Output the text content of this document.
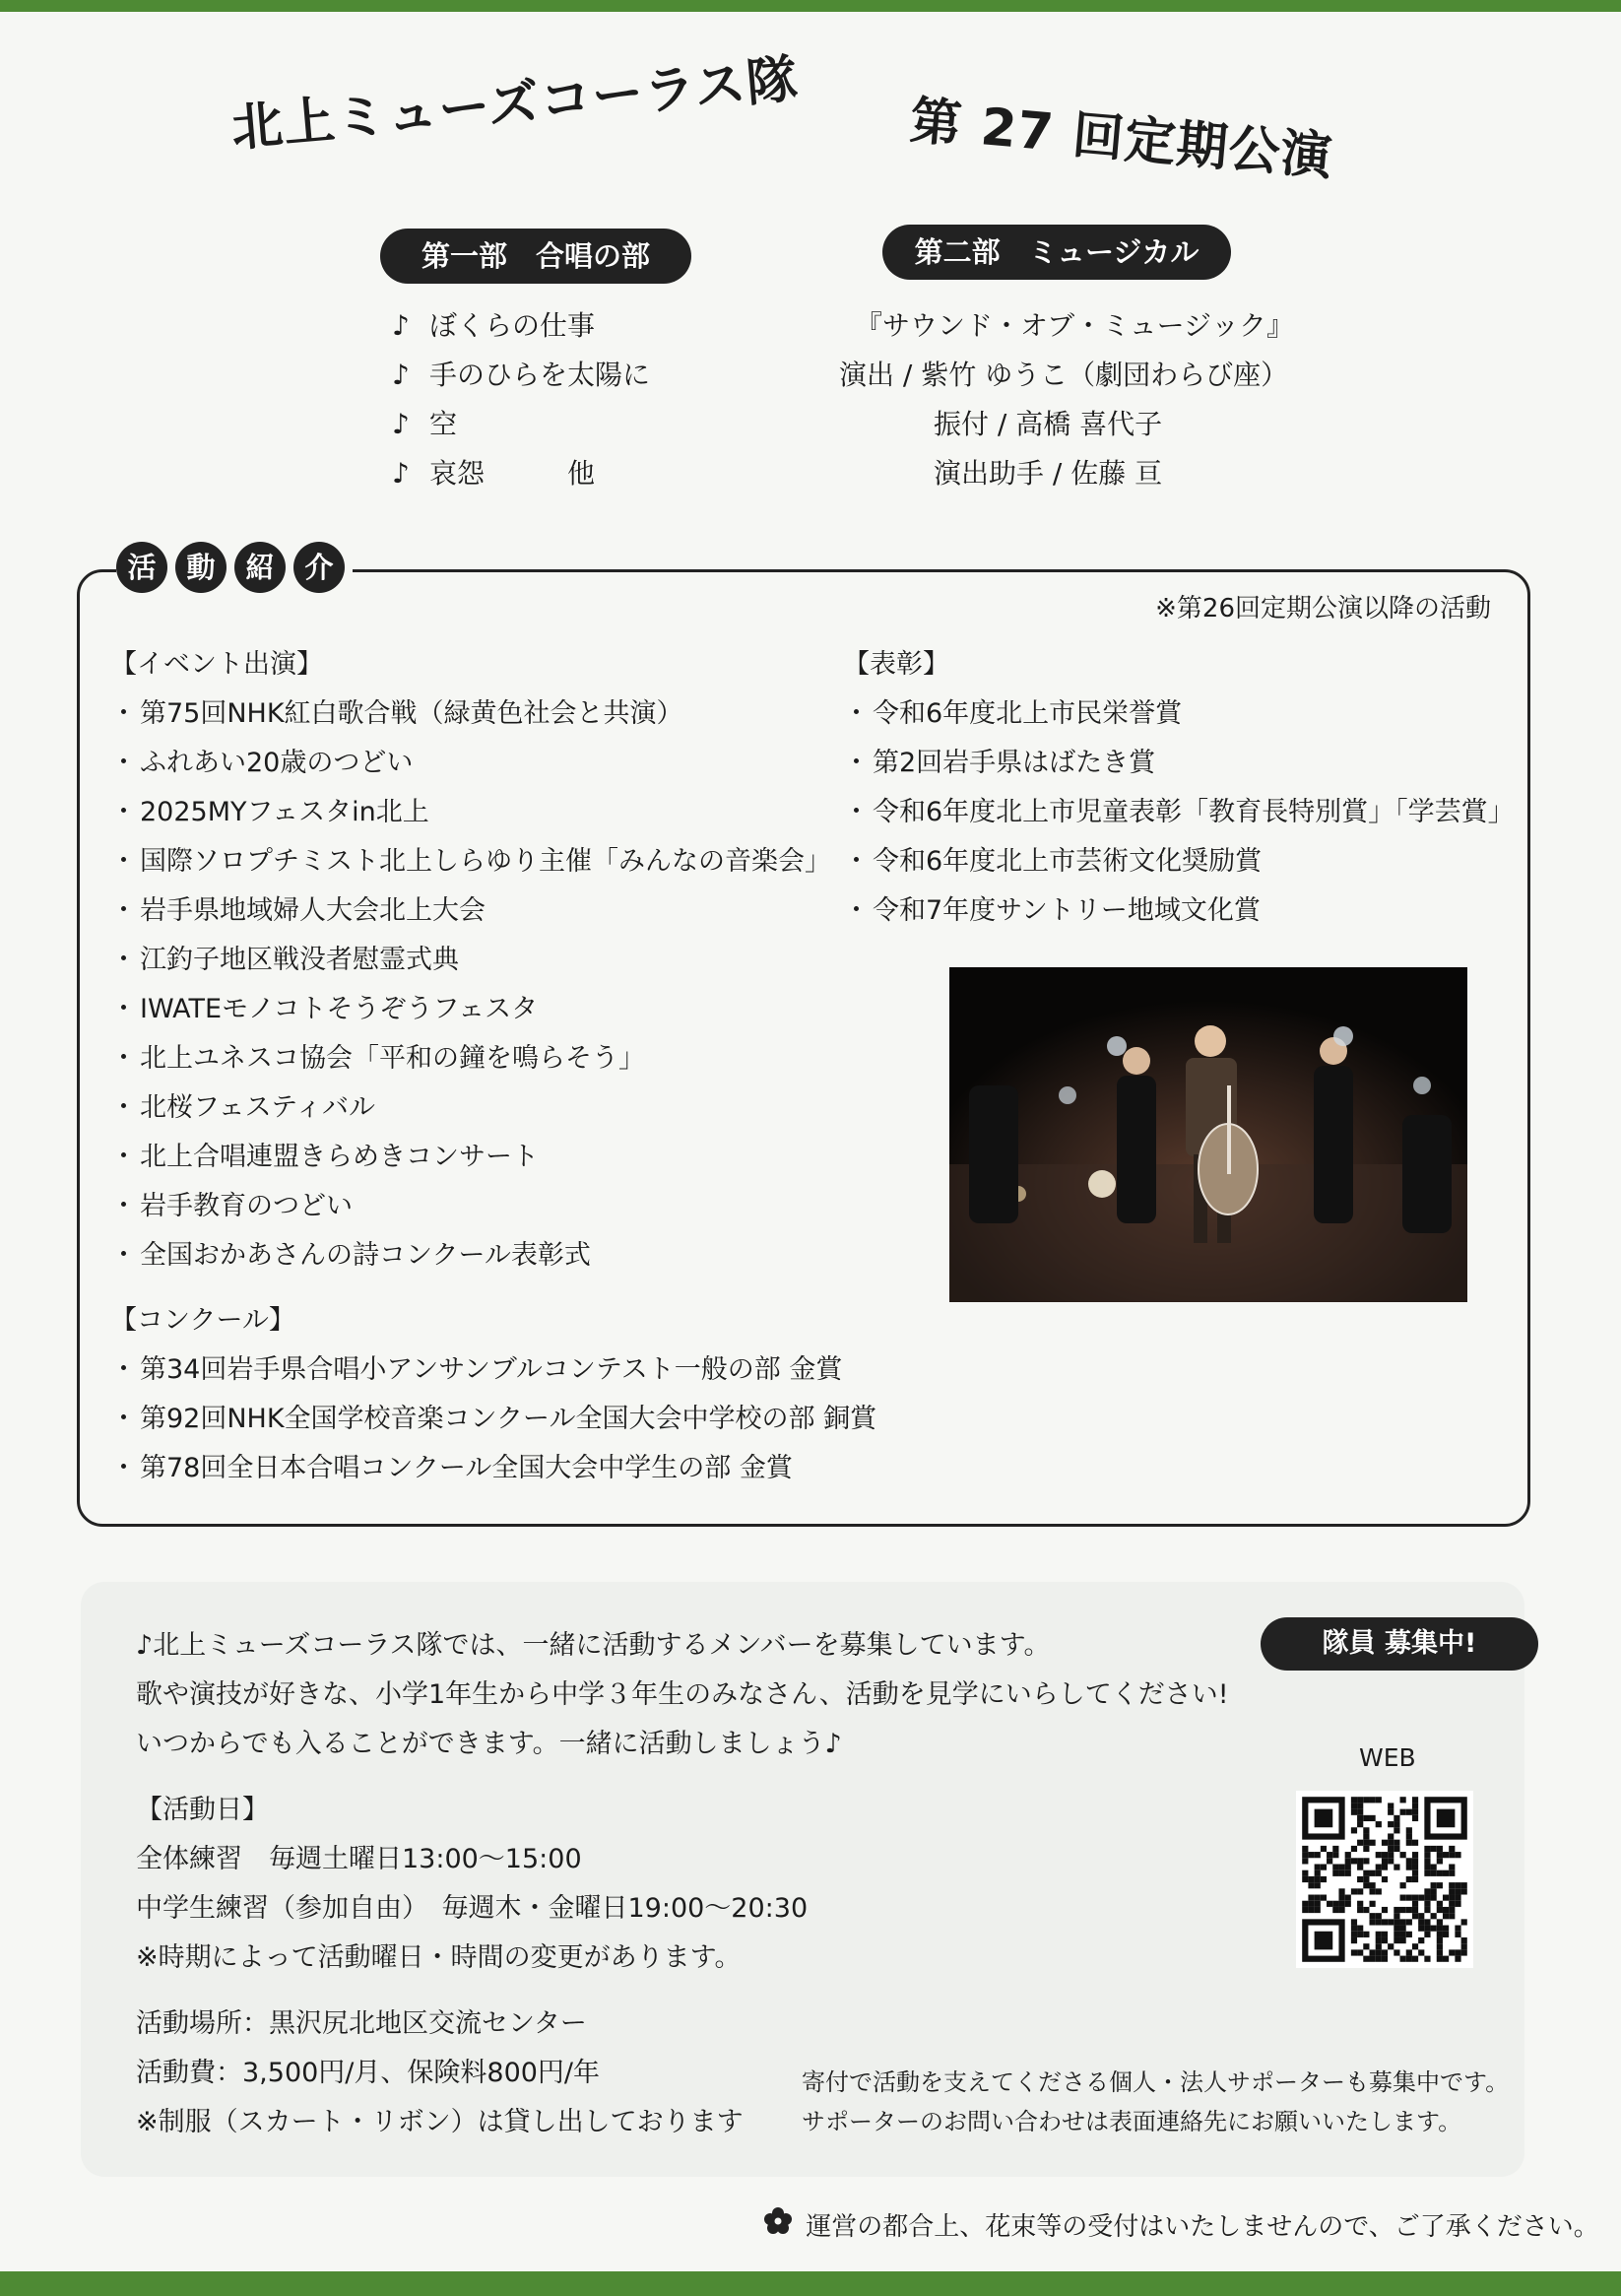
北上ミューズコーラス隊 第 27 回定期公演
第一部　合唱の部	第二部　ミュージカル
♪ ぼくらの仕事
♪ 手のひらを太陽に
♪ 空
♪ 哀怨　　　他
『サウンド・オブ・ミュージック』
演出 / 紫竹 ゆうこ（劇団わらび座）
振付 / 高橋 喜代子
演出助手 / 佐藤 亘
活	動	紹	介
※第26回定期公演以降の活動
【イベント出演】
・ 第75回NHK紅白歌合戦（緑黄色社会と共演）
・ ふれあい20歳のつどい
・ 2025MYフェスタin北上
・ 国際ソロプチミスト北上しらゆり主催「みんなの音楽会」
・ 岩手県地域婦人大会北上大会
・ 江釣子地区戦没者慰霊式典
・ IWATEモノコトそうぞうフェスタ
・ 北上ユネスコ協会「平和の鐘を鳴らそう」
・ 北桜フェスティバル
・ 北上合唱連盟きらめきコンサート
・ 岩手教育のつどい
・ 全国おかあさんの詩コンクール表彰式
【コンクール】
・ 第34回岩手県合唱小アンサンブルコンテスト一般の部 金賞
・ 第92回NHK全国学校音楽コンクール全国大会中学校の部 銅賞
・ 第78回全日本合唱コンクール全国大会中学生の部 金賞
【表彰】
・ 令和6年度北上市民栄誉賞
・ 第2回岩手県はばたき賞
・ 令和6年度北上市児童表彰「教育長特別賞」「学芸賞」
・ 令和6年度北上市芸術文化奨励賞
・ 令和7年度サントリー地域文化賞
隊員 募集中!
♪北上ミューズコーラス隊では、一緒に活動するメンバーを募集しています。
歌や演技が好きな、小学1年生から中学３年生のみなさん、活動を見学にいらしてください!
いつからでも入ることができます。一緒に活動しましょう♪
【活動日】
全体練習　毎週土曜日13:00～15:00
中学生練習（参加自由）　毎週木・金曜日19:00～20:30
※時期によって活動曜日・時間の変更があります。
活動場所：黒沢尻北地区交流センター
活動費：3,500円/月、保険料800円/年
※制服（スカート・リボン）は貸し出しております
WEB
寄付で活動を支えてくださる個人・法人サポーターも募集中です。
サポーターのお問い合わせは表面連絡先にお願いいたします。
運営の都合上、花束等の受付はいたしませんので、ご了承ください。
